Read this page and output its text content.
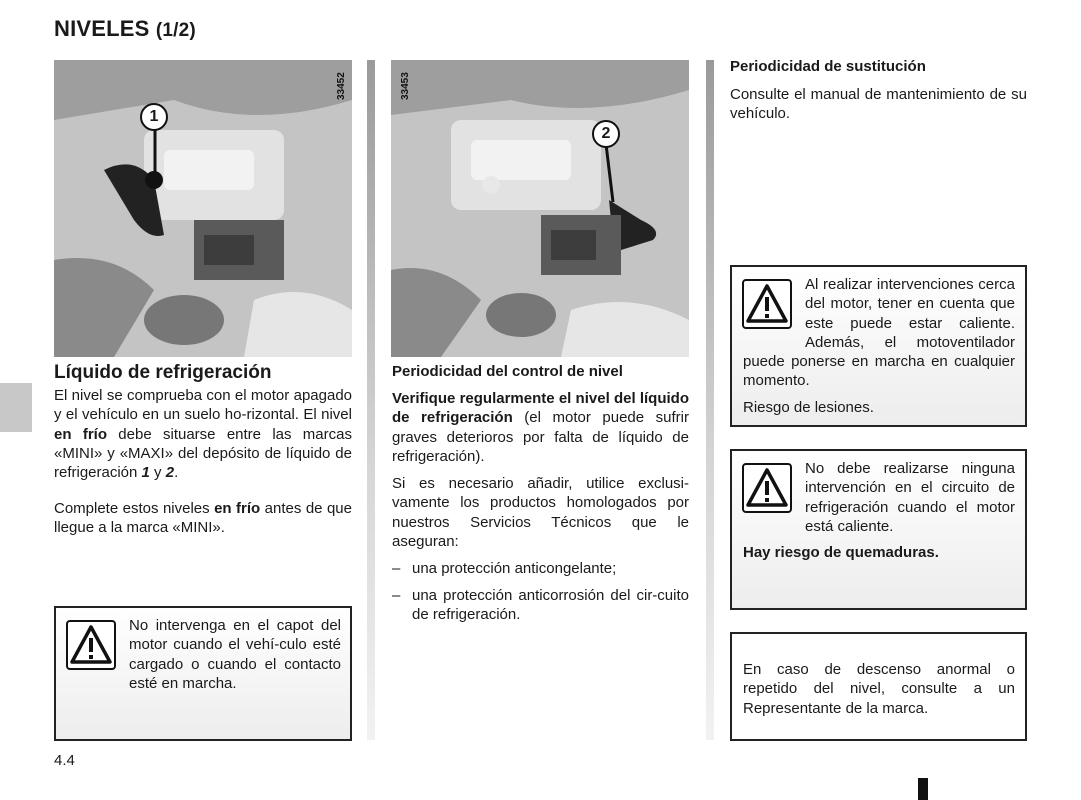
NIVELES (1/2)
33452
1
33453
2
Líquido de refrigeración
El nivel se comprueba con el motor apagado y el vehículo en un suelo ho-rizontal. El nivel en frío debe situarse entre las marcas «MINI» y «MAXI» del depósito de líquido de refrigeración 1 y 2.
Complete estos niveles en frío antes de que llegue a la marca «MINI».
No intervenga en el capot del motor cuando el vehí-culo esté cargado o cuando el contacto esté en marcha.
Periodicidad del control de nivel
Verifique regularmente el nivel del líquido de refrigeración (el motor puede sufrir graves deterioros por falta de líquido de refrigeración).
Si es necesario añadir, utilice exclusi-vamente los productos homologados por nuestros Servicios Técnicos que le aseguran:
– una protección anticongelante;
– una protección anticorrosión del cir-cuito de refrigeración.
Periodicidad de sustitución
Consulte el manual de mantenimiento de su vehículo.
Al realizar intervenciones cerca del motor, tener en cuenta que este puede estar caliente. Además, el motoventilador puede ponerse en marcha en cualquier momento.
Riesgo de lesiones.
No debe realizarse ninguna intervención en el circuito de refrigeración cuando el motor está caliente.
Hay riesgo de quemaduras.
En caso de descenso anormal o repetido del nivel, consulte a un Representante de la marca.
4.4
